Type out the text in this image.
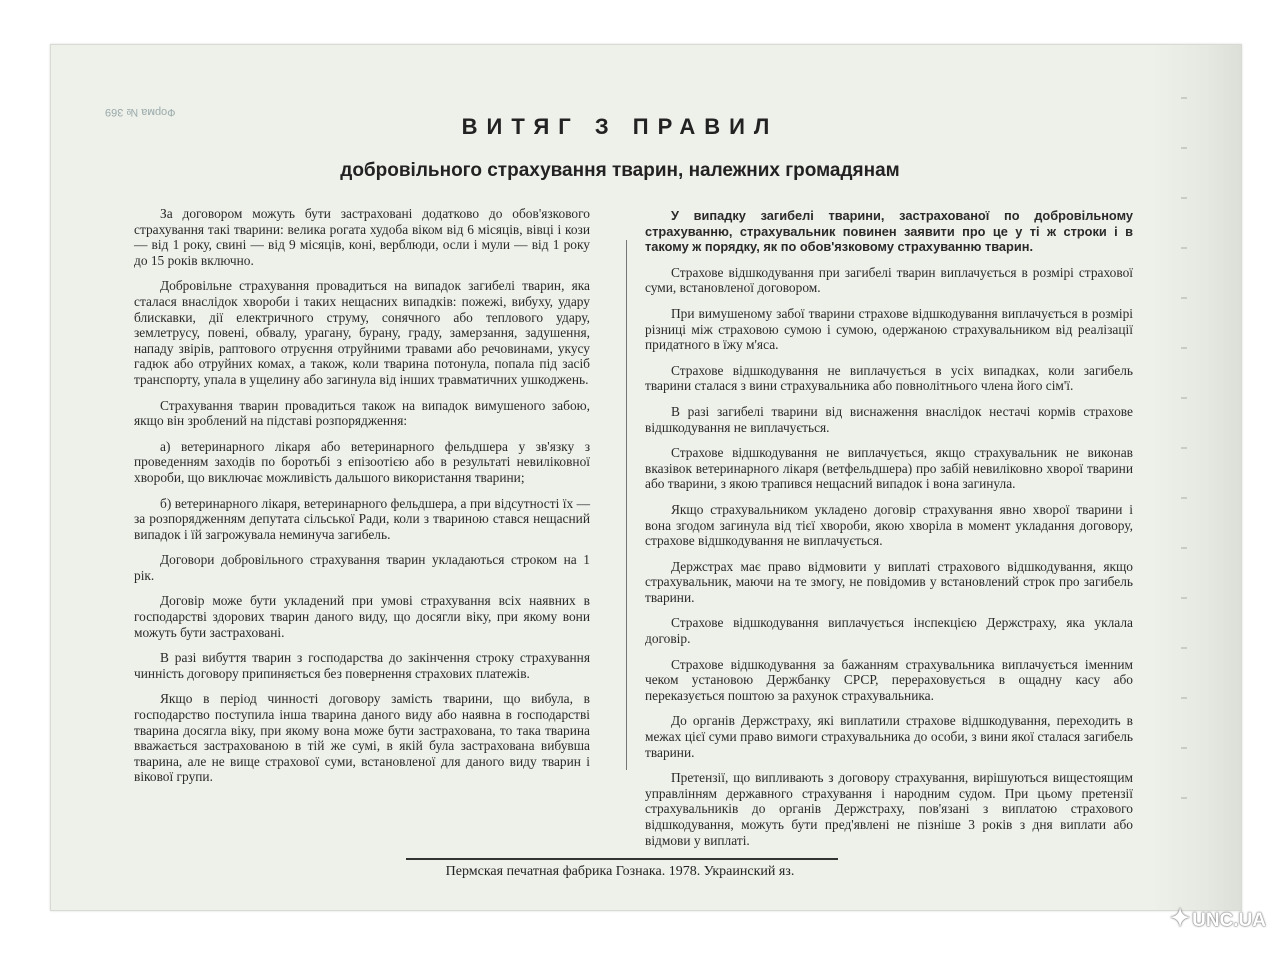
Форма № 369
ВИТЯГ З ПРАВИЛ
добровільного страхування тварин, належних громадянам

За договором можуть бути застраховані додатково до обов'язкового страхування такі тварини: велика рогата худоба віком від 6 місяців, вівці і кози — від 1 року, свині — від 9 місяців, коні, верблюди, осли і мули — від 1 року до 15 років включно.

Добровільне страхування провадиться на випадок загибелі тварин, яка сталася внаслідок хвороби і таких нещасних випадків: пожежі, вибуху, удару блискавки, дії електричного струму, сонячного або теплового удару, землетрусу, повені, обвалу, урагану, бурану, граду, замерзання, задушення, нападу звірів, раптового отруєння отруйними травами або речовинами, укусу гадюк або отруйних комах, а також, коли тварина потонула, попала під засіб транспорту, упала в ущелину або загинула від інших травматичних ушкоджень.

Страхування тварин провадиться також на випадок вимушеного забою, якщо він зроблений на підставі розпорядження:

а) ветеринарного лікаря або ветеринарного фельдшера у зв'язку з проведенням заходів по боротьбі з епізоотією або в результаті невиліковної хвороби, що виключає можливість дальшого використання тварини;

б) ветеринарного лікаря, ветеринарного фельдшера, а при відсутності їх — за розпорядженням депутата сільської Ради, коли з твариною стався нещасний випадок і їй загрожувала неминуча загибель.

Договори добровільного страхування тварин укладаються строком на 1 рік.

Договір може бути укладений при умові страхування всіх наявних в господарстві здорових тварин даного виду, що досягли віку, при якому вони можуть бути застраховані.

В разі вибуття тварин з господарства до закінчення строку страхування чинність договору припиняється без повернення страхових платежів.

Якщо в період чинності договору замість тварини, що вибула, в господарство поступила інша тварина даного виду або наявна в господарстві тварина досягла віку, при якому вона може бути застрахована, то така тварина вважається застрахованою в тій же сумі, в якій була застрахована вибувша тварина, але не вище страхової суми, встановленої для даного виду тварин і вікової групи.

У випадку загибелі тварини, застрахованої по добровільному страхуванню, страхувальник повинен заявити про це у ті ж строки і в такому ж порядку, як по обов'язковому страхуванню тварин.

Страхове відшкодування при загибелі тварин виплачується в розмірі страхової суми, встановленої договором.

При вимушеному забої тварини страхове відшкодування виплачується в розмірі різниці між страховою сумою і сумою, одержаною страхувальником від реалізації придатного в їжу м'яса.

Страхове відшкодування не виплачується в усіх випадках, коли загибель тварини сталася з вини страхувальника або повнолітнього члена його сім'ї.

В разі загибелі тварини від виснаження внаслідок нестачі кормів страхове відшкодування не виплачується.

Страхове відшкодування не виплачується, якщо страхувальник не виконав вказівок ветеринарного лікаря (ветфельдшера) про забій невиліковно хворої тварини або тварини, з якою трапився нещасний випадок і вона загинула.

Якщо страхувальником укладено договір страхування явно хворої тварини і вона згодом загинула від тієї хвороби, якою хворіла в момент укладання договору, страхове відшкодування не виплачується.

Держстрах має право відмовити у виплаті страхового відшкодування, якщо страхувальник, маючи на те змогу, не повідомив у встановлений строк про загибель тварини.

Страхове відшкодування виплачується інспекцією Держстраху, яка уклала договір.

Страхове відшкодування за бажанням страхувальника виплачується іменним чеком установою Держбанку СРСР, перераховується в ощадну касу або переказується поштою за рахунок страхувальника.

До органів Держстраху, які виплатили страхове відшкодування, переходить в межах цієї суми право вимоги страхувальника до особи, з вини якої сталася загибель тварини.

Претензії, що випливають з договору страхування, вирішуються вищестоящим управлінням державного страхування і народним судом. При цьому претензії страхувальників до органів Держстраху, пов'язані з виплатою страхового відшкодування, можуть бути пред'явлені не пізніше 3 років з дня виплати або відмови у виплаті.

Пермская печатная фабрика Гознака. 1978. Украинский яз.
✦ UNC.UA
